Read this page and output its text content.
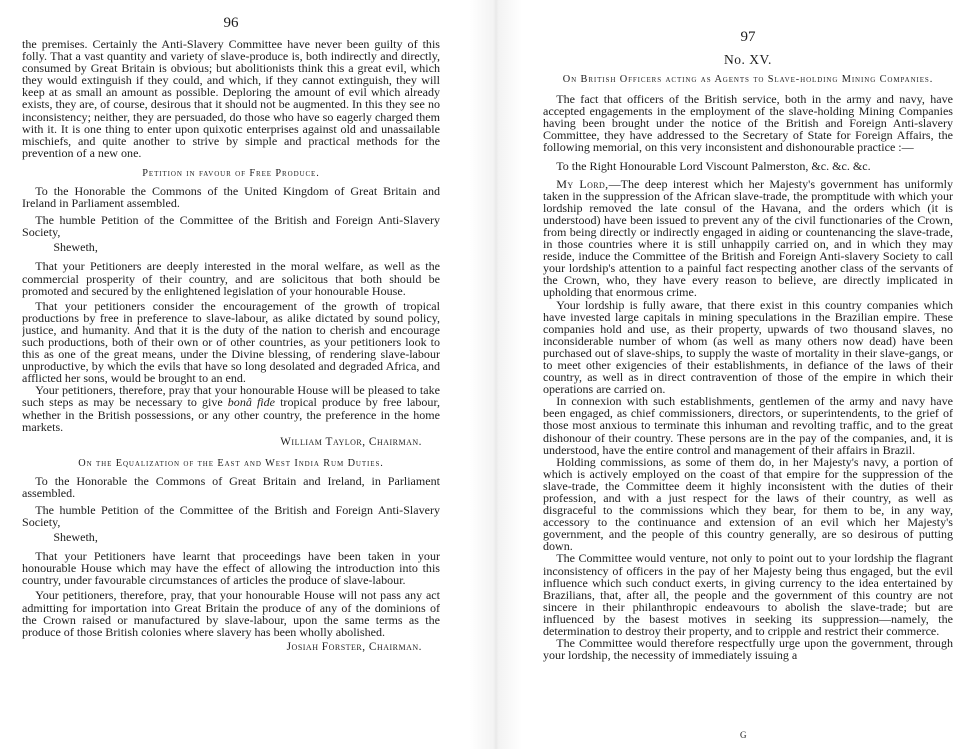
96

the premises. Certainly the Anti-Slavery Committee have never been guilty of this folly. That a vast quantity and variety of slave-produce is, both indirectly and directly, consumed by Great Britain is obvious; but abolitionists think this a great evil, which they would extinguish if they could, and which, if they cannot extinguish, they will keep at as small an amount as possible. Deploring the amount of evil which already exists, they are, of course, desirous that it should not be augmented. In this they see no inconsistency; neither, they are persuaded, do those who have so eagerly charged them with it. It is one thing to enter upon quixotic enterprises against old and unassailable mischiefs, and quite another to strive by simple and practical methods for the prevention of a new one.

Petition in favour of Free Produce.

To the Honorable the Commons of the United Kingdom of Great Britain and Ireland in Parliament assembled.

The humble Petition of the Committee of the British and Foreign Anti-Slavery Society,

Sheweth,

That your Petitioners are deeply interested in the moral welfare, as well as the commercial prosperity of their country, and are solicitous that both should be promoted and secured by the enlightened legislation of your honourable House.

That your petitioners consider the encouragement of the growth of tropical productions by free in preference to slave-labour, as alike dictated by sound policy, justice, and humanity. And that it is the duty of the nation to cherish and encourage such productions, both of their own or of other countries, as your petitioners look to this as one of the great means, under the Divine blessing, of rendering slave-labour unproductive, by which the evils that have so long desolated and degraded Africa, and afflicted her sons, would be brought to an end.

Your petitioners, therefore, pray that your honourable House will be pleased to take such steps as may be necessary to give bonâ fide tropical produce by free labour, whether in the British possessions, or any other country, the preference in the home markets.

William Taylor, Chairman.
On the Equalization of the East and West India Rum Duties.

To the Honorable the Commons of Great Britain and Ireland, in Parliament assembled.

The humble Petition of the Committee of the British and Foreign Anti-Slavery Society,

Sheweth,

That your Petitioners have learnt that proceedings have been taken in your honourable House which may have the effect of allowing the introduction into this country, under favourable circumstances of articles the produce of slave-labour.

Your petitioners, therefore, pray, that your honourable House will not pass any act admitting for importation into Great Britain the produce of any of the dominions of the Crown raised or manufactured by slave-labour, upon the same terms as the produce of those British colonies where slavery has been wholly abolished.

Josiah Forster, Chairman.
97
No. XV.
On British Officers acting as Agents to Slave-holding Mining Companies.

The fact that officers of the British service, both in the army and navy, have accepted engagements in the employment of the slave-holding Mining Companies having been brought under the notice of the British and Foreign Anti-slavery Committee, they have addressed to the Secretary of State for Foreign Affairs, the following memorial, on this very inconsistent and dishonourable practice :—

To the Right Honourable Lord Viscount Palmerston, &c. &c. &c.

My Lord,—The deep interest which her Majesty's government has uniformly taken in the suppression of the African slave-trade, the promptitude with which your lordship removed the late consul of the Havana, and the orders which (it is understood) have been issued to prevent any of the civil functionaries of the Crown, from being directly or indirectly engaged in aiding or countenancing the slave-trade, in those countries where it is still unhappily carried on, and in which they may reside, induce the Committee of the British and Foreign Anti-slavery Society to call your lordship's attention to a painful fact respecting another class of the servants of the Crown, who, they have every reason to believe, are directly implicated in upholding that enormous crime.

Your lordship is fully aware, that there exist in this country companies which have invested large capitals in mining speculations in the Brazilian empire. These companies hold and use, as their property, upwards of two thousand slaves, no inconsiderable number of whom (as well as many others now dead) have been purchased out of slave-ships, to supply the waste of mortality in their slave-gangs, or to meet other exigencies of their establishments, in defiance of the laws of their country, as well as in direct contravention of those of the empire in which their operations are carried on.

In connexion with such establishments, gentlemen of the army and navy have been engaged, as chief commissioners, directors, or superintendents, to the grief of those most anxious to terminate this inhuman and revolting traffic, and to the great dishonour of their country. These persons are in the pay of the companies, and, it is understood, have the entire control and management of their affairs in Brazil.

Holding commissions, as some of them do, in her Majesty's navy, a portion of which is actively employed on the coast of that empire for the suppression of the slave-trade, the Committee deem it highly inconsistent with the duties of their profession, and with a just respect for the laws of their country, as well as disgraceful to the commissions which they bear, for them to be, in any way, accessory to the continuance and extension of an evil which her Majesty's government, and the people of this country generally, are so desirous of putting down.

The Committee would venture, not only to point out to your lordship the flagrant inconsistency of officers in the pay of her Majesty being thus engaged, but the evil influence which such conduct exerts, in giving currency to the idea entertained by Brazilians, that, after all, the people and the government of this country are not sincere in their philanthropic endeavours to abolish the slave-trade; but are influenced by the basest motives in seeking its suppression—namely, the determination to destroy their property, and to cripple and restrict their commerce.

The Committee would therefore respectfully urge upon the government, through your lordship, the necessity of immediately issuing a

G
